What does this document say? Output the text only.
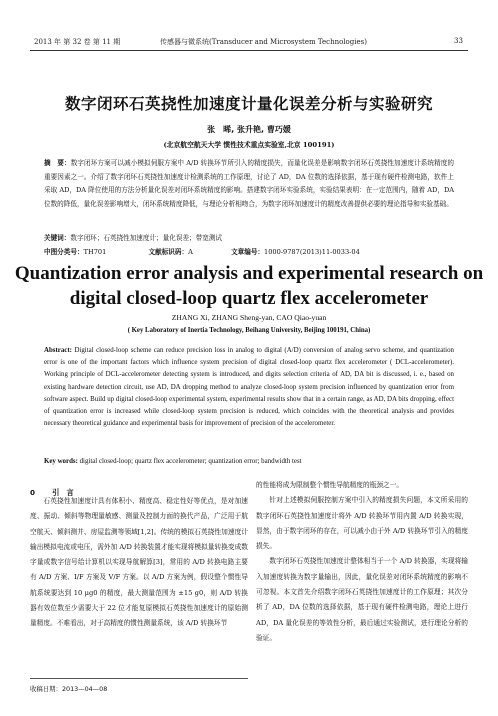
2013 年 第 32 卷 第 11 期	传感器与微系统(Transducer and Microsystem Technologies)	33
数字闭环石英挠性加速度计量化误差分析与实验研究
张　晞, 张升艳, 曹巧媛
(北京航空航天大学 惯性技术重点实验室,北京 100191)
摘　要：数字闭环方案可以减小模拟伺服方案中 A/D 转换环节所引入的精度损失，而量化误差是影响数字闭环石英挠性加速度计系统精度的重要因素之一。介绍了数字闭环石英挠性加速度计检测系统的工作原理，讨论了 AD，DA 位数的选择依据，基于现有硬件检测电路，软件上采取 AD，DA 降位使用的方法分析量化误差对闭环系统精度的影响。搭建数字闭环实验系统，实验结果表明：在一定范围内，随着 AD，DA 位数的降低，量化误差影响增大，闭环系统精度降低，与理论分析相吻合，为数字闭环加速度计的精度改善提供必要的理论指导和实验基础。
关键词：数字闭环；石英挠性加速度计；量化误差；带宽测试
中图分类号：TH701	文献标识码：A	文章编号：1000-9787(2013)11-0033-04
Quantization error analysis and experimental research on
digital closed-loop quartz flex accelerometer
ZHANG Xi, ZHANG Sheng-yan, CAO Qiao-yuan
( Key Laboratory of Inertia Technology, Beihang University, Beijing 100191, China)
Abstract: Digital closed-loop scheme can reduce precision loss in analog to digital (A/D) conversion of analog servo scheme, and quantization error is one of the important factors which influence system precision of digital closed-loop quartz flex accelerometer ( DCL-accelerometer). Working principle of DCL-accelerometer detecting system is introduced, and digits selection criteria of AD, DA bit is discussed, i. e., based on existing hardware detection circuit, use AD, DA dropping method to analyze closed-loop system precision influenced by quantization error from software aspect. Build up digital closed-loop experimental system, experimental results show that in a certain range, as AD, DA bits dropping, effect of quantization error is increased while closed-loop system precision is reduced, which coincides with the theoretical analysis and provides necessary theoretical guidance and experimental basis for improvement of precision of the accelerometer.
Key words: digital closed-loop; quartz flex accelerometer; quantization error; bandwidth test
0 引　言

石英挠性加速度计具有体积小、精度高、稳定性好等优点，是对加速度、振动、倾斜等物理量敏感、测量及控制力面的换代产品，广泛用于航空航天、倾斜测井、房屋监测等领域[1,2]。传统的模拟石英挠性加速度计输出模拟电流或电压，需外加 A/D 转换装置才能实现将模拟量转换变成数字量或数字信号给计算机以实现导航解算[3]，常用的 A/D 转换电路主要有 A/D 方案、I/F 方案及 V/F 方案。以 A/D 方案为例，假设整个惯性导航系统要达到 10 μg0 的精度，最大测量范围为 ±15 g0，则 A/D 转换器有效位数至少需要大于 22 位才能复原模拟石英挠性加速度计的原始测量精度。不难看出，对于高精度的惯性测量系统，该 A/D 转换环节

收稿日期：2013—04—08

的性能将成为限制整个惯性导航精度的瓶颈之一。

针对上述模拟伺服控制方案中引入的精度损失问题，本文所采用的数字闭环石英挠性加速度计将外 A/D 转换环节用内置 A/D 转换实现，显然，由于数字闭环的存在，可以减小由于外 A/D 转换环节引入的精度损失。

数字闭环石英挠性加速度计整体相当于一个 A/D 转换器，实现将输入加速度转换为数字量输出，因此，量化误差对闭环系统精度的影响不可忽视。本文首先介绍数字闭环石英挠性加速度计的工作原理；其次分析了 AD，DA 位数的选择依据，基于现有硬件检测电路，理论上进行 AD，DA 量化误差的等效性分析，最后通过实验测试，进行理论分析的验证。
